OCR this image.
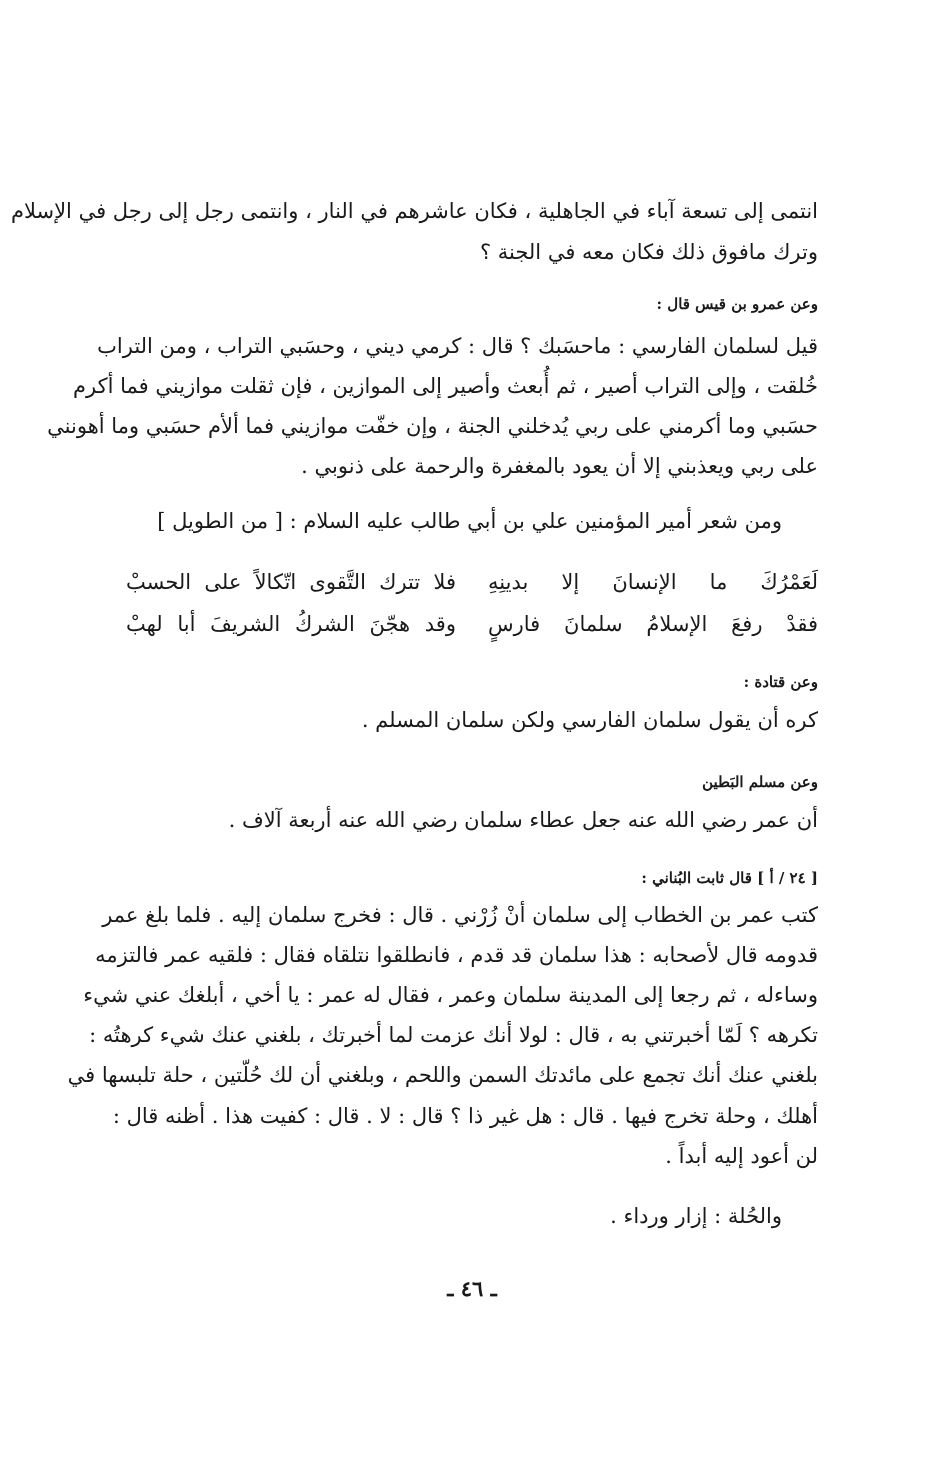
انتمى إلى تسعة آباء في الجاهلية ، فكان عاشرهم في النار ، وانتمى رجل إلى رجل في الإسلام
وترك مافوق ذلك فكان معه في الجنة ؟
وعن عمرو بن قيس قال :
قيل لسلمان الفارسي : ماحسَبك ؟ قال : كرمي ديني ، وحسَبي التراب ، ومن التراب
خُلقت ، وإلى التراب أصير ، ثم أُبعث وأصير إلى الموازين ، فإن ثقلت موازيني فما أكرم
حسَبي وما أكرمني على ربي يُدخلني الجنة ، وإن خفّت موازيني فما ألأم حسَبي وما أهونني
على ربي ويعذبني إلا أن يعود بالمغفرة والرحمة على ذنوبي .
ومن شعر أمير المؤمنين علي بن أبي طالب عليه السلام : [ من الطويل ]
لَعَمْرُكَ ما الإنسانَ إلا بدينِهِ
فلا تترك التَّقوى اتّكالاً على الحسبْ
فقدْ رفعَ الإسلامُ سلمانَ فارسٍ
وقد هجّنَ الشركُ الشريفَ أبا لهبْ
وعن قتادة :
كره أن يقول سلمان الفارسي ولكن سلمان المسلم .
وعن مسلم البَطين
أن عمر رضي الله عنه جعل عطاء سلمان رضي الله عنه أربعة آلاف .
[ ٢٤ / أ ] قال ثابت البُناني :
كتب عمر بن الخطاب إلى سلمان أنْ زُرْني . قال : فخرج سلمان إليه . فلما بلغ عمر
قدومه قال لأصحابه : هذا سلمان قد قدم ، فانطلقوا نتلقاه فقال : فلقيه عمر فالتزمه
وساءله ، ثم رجعا إلى المدينة سلمان وعمر ، فقال له عمر : يا أخي ، أبلغك عني شيء
تكرهه ؟ لَمّا أخبرتني به ، قال : لولا أنك عزمت لما أخبرتك ، بلغني عنك شيء كرهتُه :
بلغني عنك أنك تجمع على مائدتك السمن واللحم ، وبلغني أن لك حُلّتين ، حلة تلبسها في
أهلك ، وحلة تخرج فيها . قال : هل غير ذا ؟ قال : لا . قال : كفيت هذا . أظنه قال :
لن أعود إليه أبداً .
والحُلة : إزار ورداء .
ـ ٤٦ ـ
